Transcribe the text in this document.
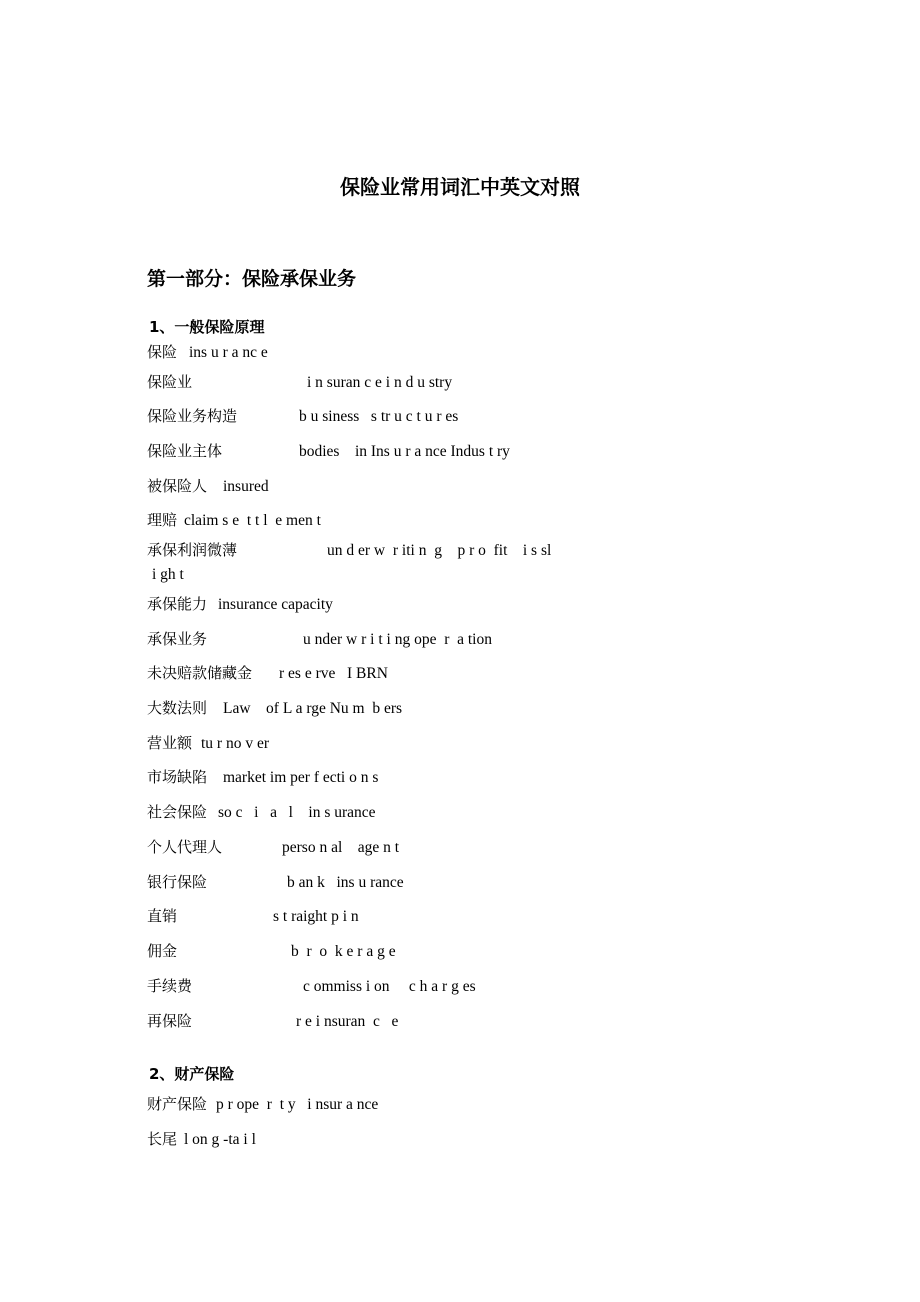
保险业常用词汇中英文对照
第一部分：保险承保业务
1、一般保险原理
保险 ins u r a nc e
保险业	i n suran c e i n d u stry
保险业务构造	b u siness   s tr u c t u r es
保险业主体	bodies    in Ins u r a nce Indus t ry
被保险人 insured
理赔 claim s e  t t l  e men t
承保利润微薄	un d er w  r iti n  g    p r o  fit    i s sl
i gh t
承保能力 insurance capacity
承保业务	u nder w r i t i ng ope  r  a tion
未决赔款储藏金 r es e rve   I BRN
大数法则 Law    of L a rge Nu m  b ers
营业额 tu r no v er
市场缺陷 market im per f ecti o n s
社会保险 so c   i   a   l    in s urance
个人代理人	perso n al    age n t
银行保险	b an k   ins u rance
直销	s t raight p i n
佣金	b  r  o  k e r a g e
手续费	c ommiss i on     c h a r g es
再保险	r e i nsuran  c   e
2、财产保险
财产保险 p r ope  r  t y   i nsur a nce
长尾 l on g -ta i l
